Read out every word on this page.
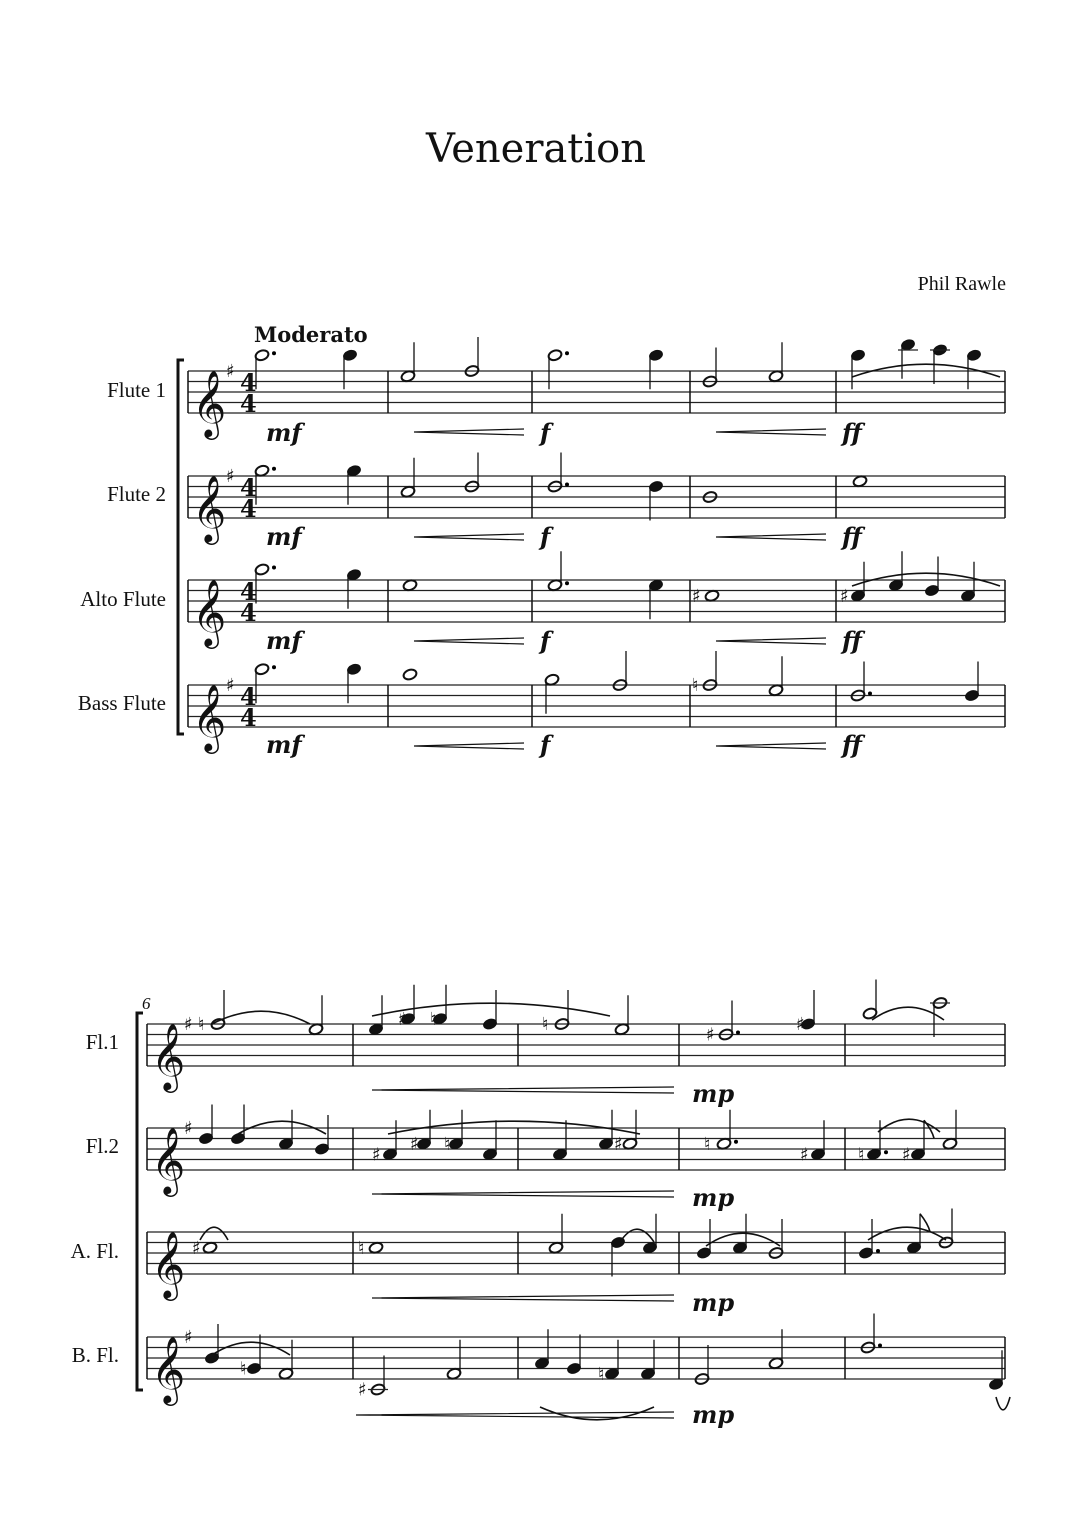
Veneration
Phil Rawle
Moderato
Flute 1
Flute 2
Alto Flute
Bass Flute
mf	f	ff
mf	f	ff
mf	f	ff
mf	f	ff
6
Fl.1
Fl.2
A. Fl.
B. Fl.
mp
mp
mp
mp
𝄞 ♯ 4
4
𝄞 ♯ 4
4
𝄞 4
4
𝄞 ♯ 4
4
♯	♯
♮
𝄞
♯
𝄞
♯
𝄞
𝄞
♯
♮	♯ ♮	♮	♯	♯
♯ ♯ ♮	♯	♮	♯	♮ ♯
♯	♮
♮
♯
♮
